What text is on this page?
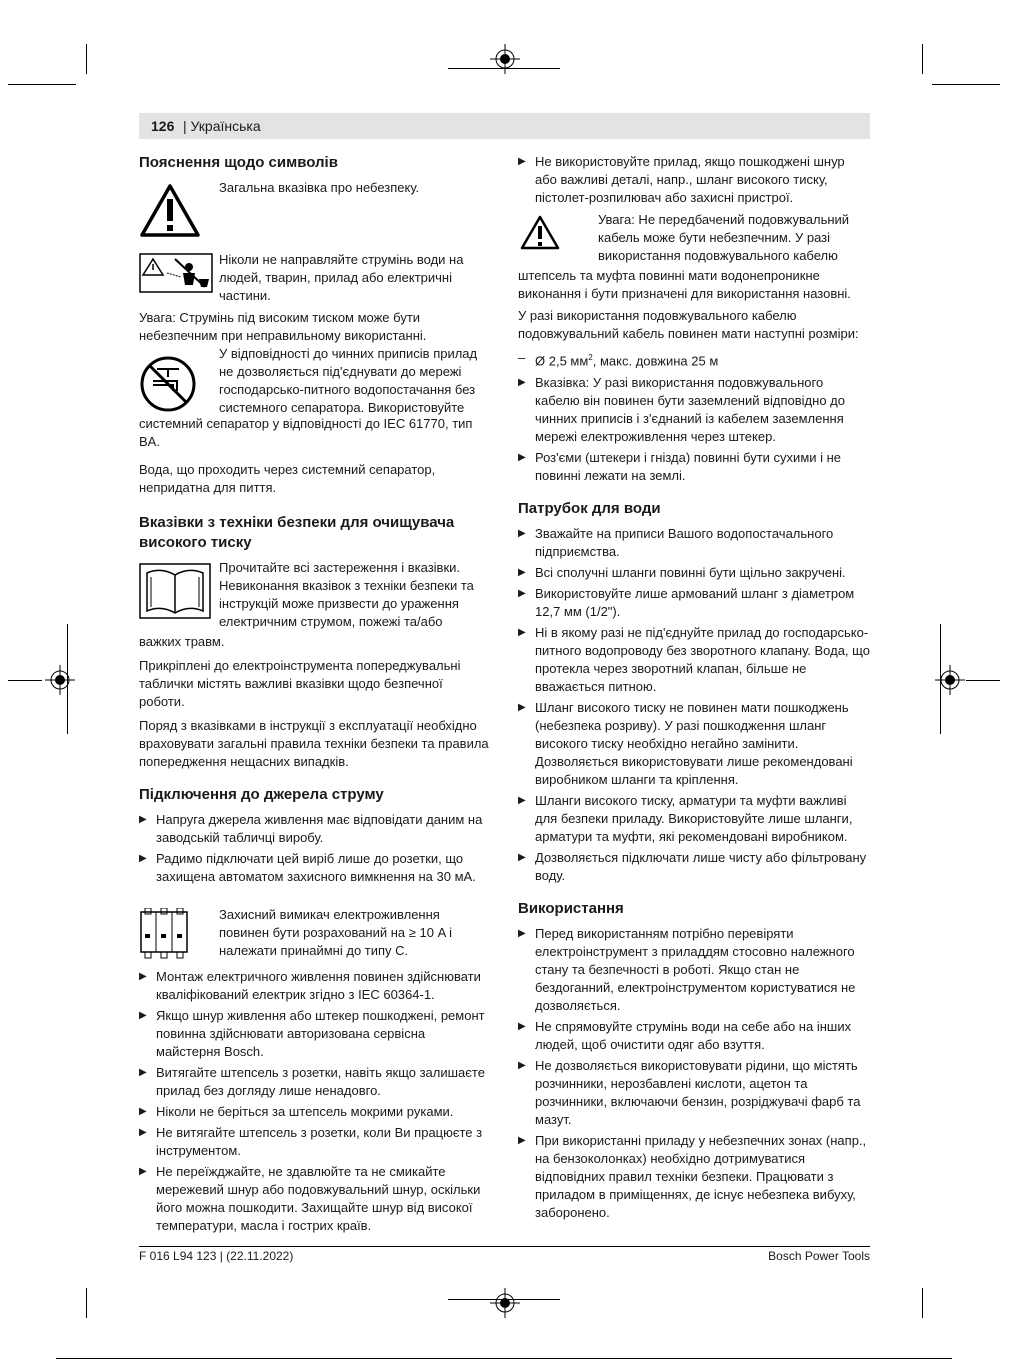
126 | Українська
Пояснення щодо символів
Загальна вказівка про небезпеку.
Ніколи не направляйте струмінь води на людей, тварин, прилад або електричні частини.

Увага: Струмінь під високим тиском може бути небезпечним при неправильному використанні.

У відповідності до чинних приписів прилад не дозволяється під'єднувати до мережі господарсько-питного водопостачання без системного сепаратора. Використовуйте

системний сепаратор у відповідності до IEC 61770, тип BA.

Вода, що проходить через системний сепаратор, непридатна для пиття.

Вказівки з техніки безпеки для очищувача високого тиску
Прочитайте всі застереження і вказівки. Невиконання вказівок з техніки безпеки та інструкцій може призвести до ураження електричним струмом, пожежі та/або

важких травм.

Прикріплені до електроінструмента попереджувальні таблички містять важливі вказівки щодо безпечної роботи.

Поряд з вказівками в інструкції з експлуатації необхідно враховувати загальні правила техніки безпеки та правила попередження нещасних випадків.

Підключення до джерела струму
▶ Напруга джерела живлення має відповідати даним на заводській табличці виробу.
▶ Радимо підключати цей виріб лише до розетки, що захищена автоматом захисного вимкнення на 30 мА.
Захисний вимикач електроживлення повинен бути розрахований на ≥ 10 A і належати принаймні до типу C.
▶ Монтаж електричного живлення повинен здійснювати кваліфікований електрик згідно з IEC 60364-1.
▶ Якщо шнур живлення або штекер пошкоджені, ремонт повинна здійснювати авторизована сервісна майстерня Bosch.
▶ Витягайте штепсель з розетки, навіть якщо залишаєте прилад без догляду лише ненадовго.
▶ Ніколи не беріться за штепсель мокрими руками.
▶ Не витягайте штепсель з розетки, коли Ви працюєте з інструментом.
▶ Не переїжджайте, не здавлюйте та не смикайте мережевий шнур або подовжувальний шнур, оскільки його можна пошкодити. Захищайте шнур від високої температури, масла і гострих країв.
▶ Не використовуйте прилад, якщо пошкоджені шнур або важливі деталі, напр., шланг високого тиску, пістолет-розпилювач або захисні пристрої.
Увага: Не передбачений подовжувальний кабель може бути небезпечним. У разі використання подовжувального кабелю

штепсель та муфта повинні мати водонепроникне виконання і бути призначені для використання назовні.

У разі використання подовжувального кабелю подовжувальний кабель повинен мати наступні розміри:

– Ø 2,5 $мм^2$, макс. довжина 25 м
▶ Вказівка: У разі використання подовжувального кабелю він повинен бути заземлений відповідно до чинних приписів і з'єднаний із кабелем заземлення мережі електроживлення через штекер.
▶ Роз'єми (штекери і гнізда) повинні бути сухими і не повинні лежати на землі.
Патрубок для води
▶ Зважайте на приписи Вашого водопостачального підприємства.
▶ Всі сполучні шланги повинні бути щільно закручені.
▶ Використовуйте лише армований шланг з діаметром 12,7 мм (1/2").
▶ Ні в якому разі не під'єднуйте прилад до господарсько-питного водопроводу без зворотного клапану. Вода, що протекла через зворотний клапан, більше не вважається питною.
▶ Шланг високого тиску не повинен мати пошкоджень (небезпека розриву). У разі пошкодження шланг високого тиску необхідно негайно замінити. Дозволяється використовувати лише рекомендовані виробником шланги та кріплення.
▶ Шланги високого тиску, арматури та муфти важливі для безпеки приладу. Використовуйте лише шланги, арматури та муфти, які рекомендовані виробником.
▶ Дозволяється підключати лише чисту або фільтровану воду.
Використання
▶ Перед використанням потрібно перевіряти електроінструмент з приладдям стосовно належного стану та безпечності в роботі. Якщо стан не бездоганний, електроінструментом користуватися не дозволяється.
▶ Не спрямовуйте струмінь води на себе або на інших людей, щоб очистити одяг або взуття.
▶ Не дозволяється використовувати рідини, що містять розчинники, нерозбавлені кислоти, ацетон та розчинники, включаючи бензин, розріджувачі фарб та мазут.
▶ При використанні приладу у небезпечних зонах (напр., на бензоколонках) необхідно дотримуватися відповідних правил техніки безпеки. Працювати з приладом в приміщеннях, де існує небезпека вибуху, заборонено.
F 016 L94 123 | (22.11.2022)	Bosch Power Tools
